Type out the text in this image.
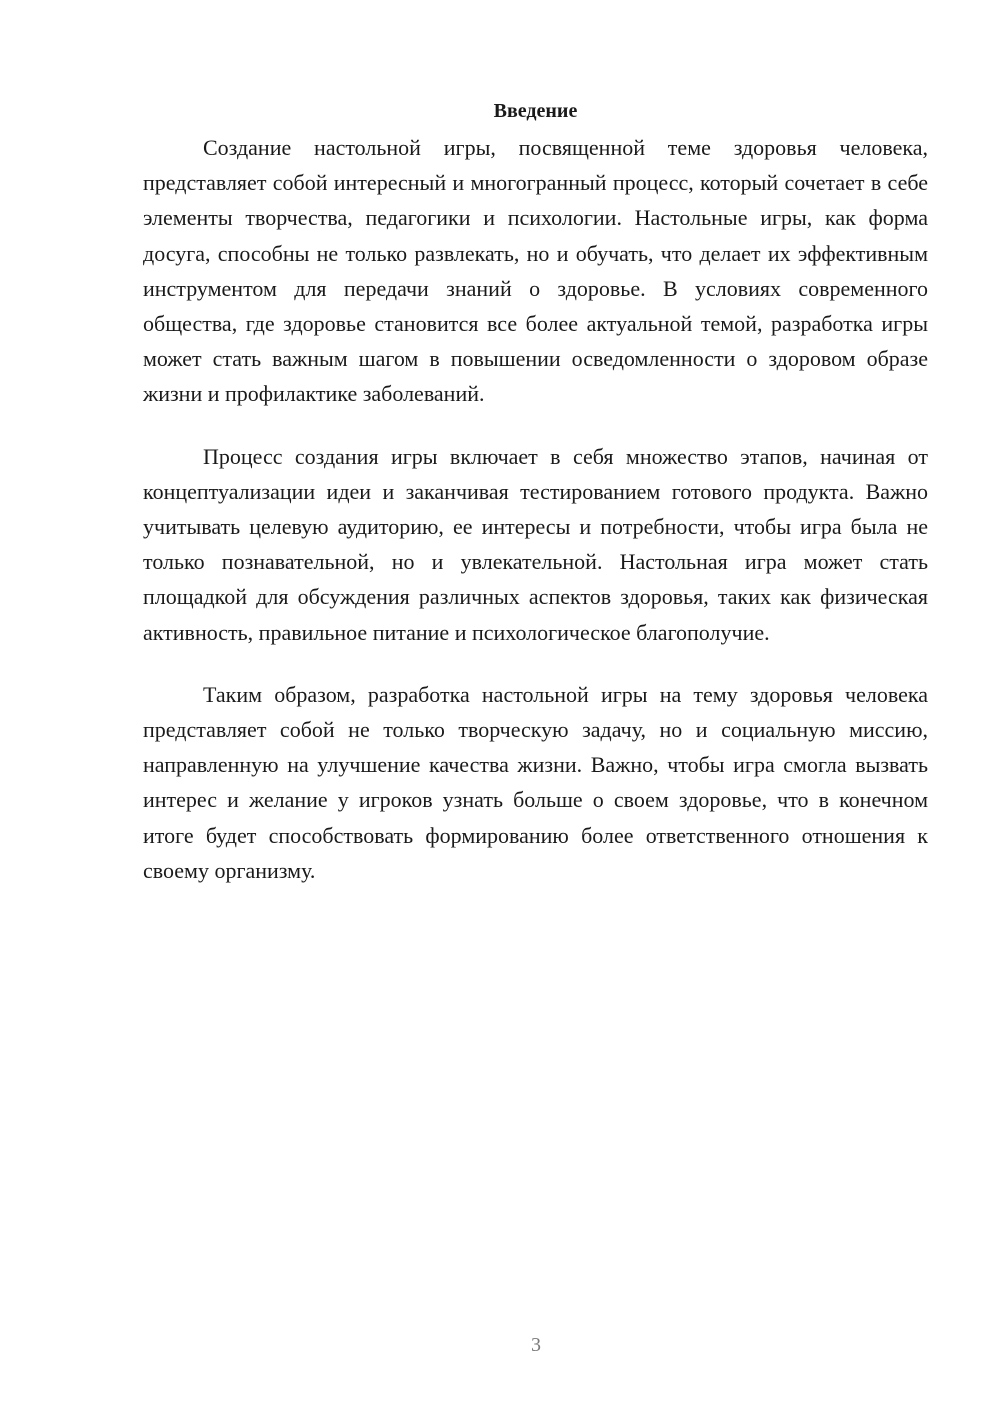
Введение

Создание настольной игры, посвященной теме здоровья человека, представляет собой интересный и многогранный процесс, который сочетает в себе элементы творчества, педагогики и психологии. Настольные игры, как форма досуга, способны не только развлекать, но и обучать, что делает их эффективным инструментом для передачи знаний о здоровье. В условиях современного общества, где здоровье становится все более актуальной темой, разработка игры может стать важным шагом в повышении осведомленности о здоровом образе жизни и профилактике заболеваний.

Процесс создания игры включает в себя множество этапов, начиная от концептуализации идеи и заканчивая тестированием готового продукта. Важно учитывать целевую аудиторию, ее интересы и потребности, чтобы игра была не только познавательной, но и увлекательной. Настольная игра может стать площадкой для обсуждения различных аспектов здоровья, таких как физическая активность, правильное питание и психологическое благополучие.

Таким образом, разработка настольной игры на тему здоровья человека представляет собой не только творческую задачу, но и социальную миссию, направленную на улучшение качества жизни. Важно, чтобы игра смогла вызвать интерес и желание у игроков узнать больше о своем здоровье, что в конечном итоге будет способствовать формированию более ответственного отношения к своему организму.

3
